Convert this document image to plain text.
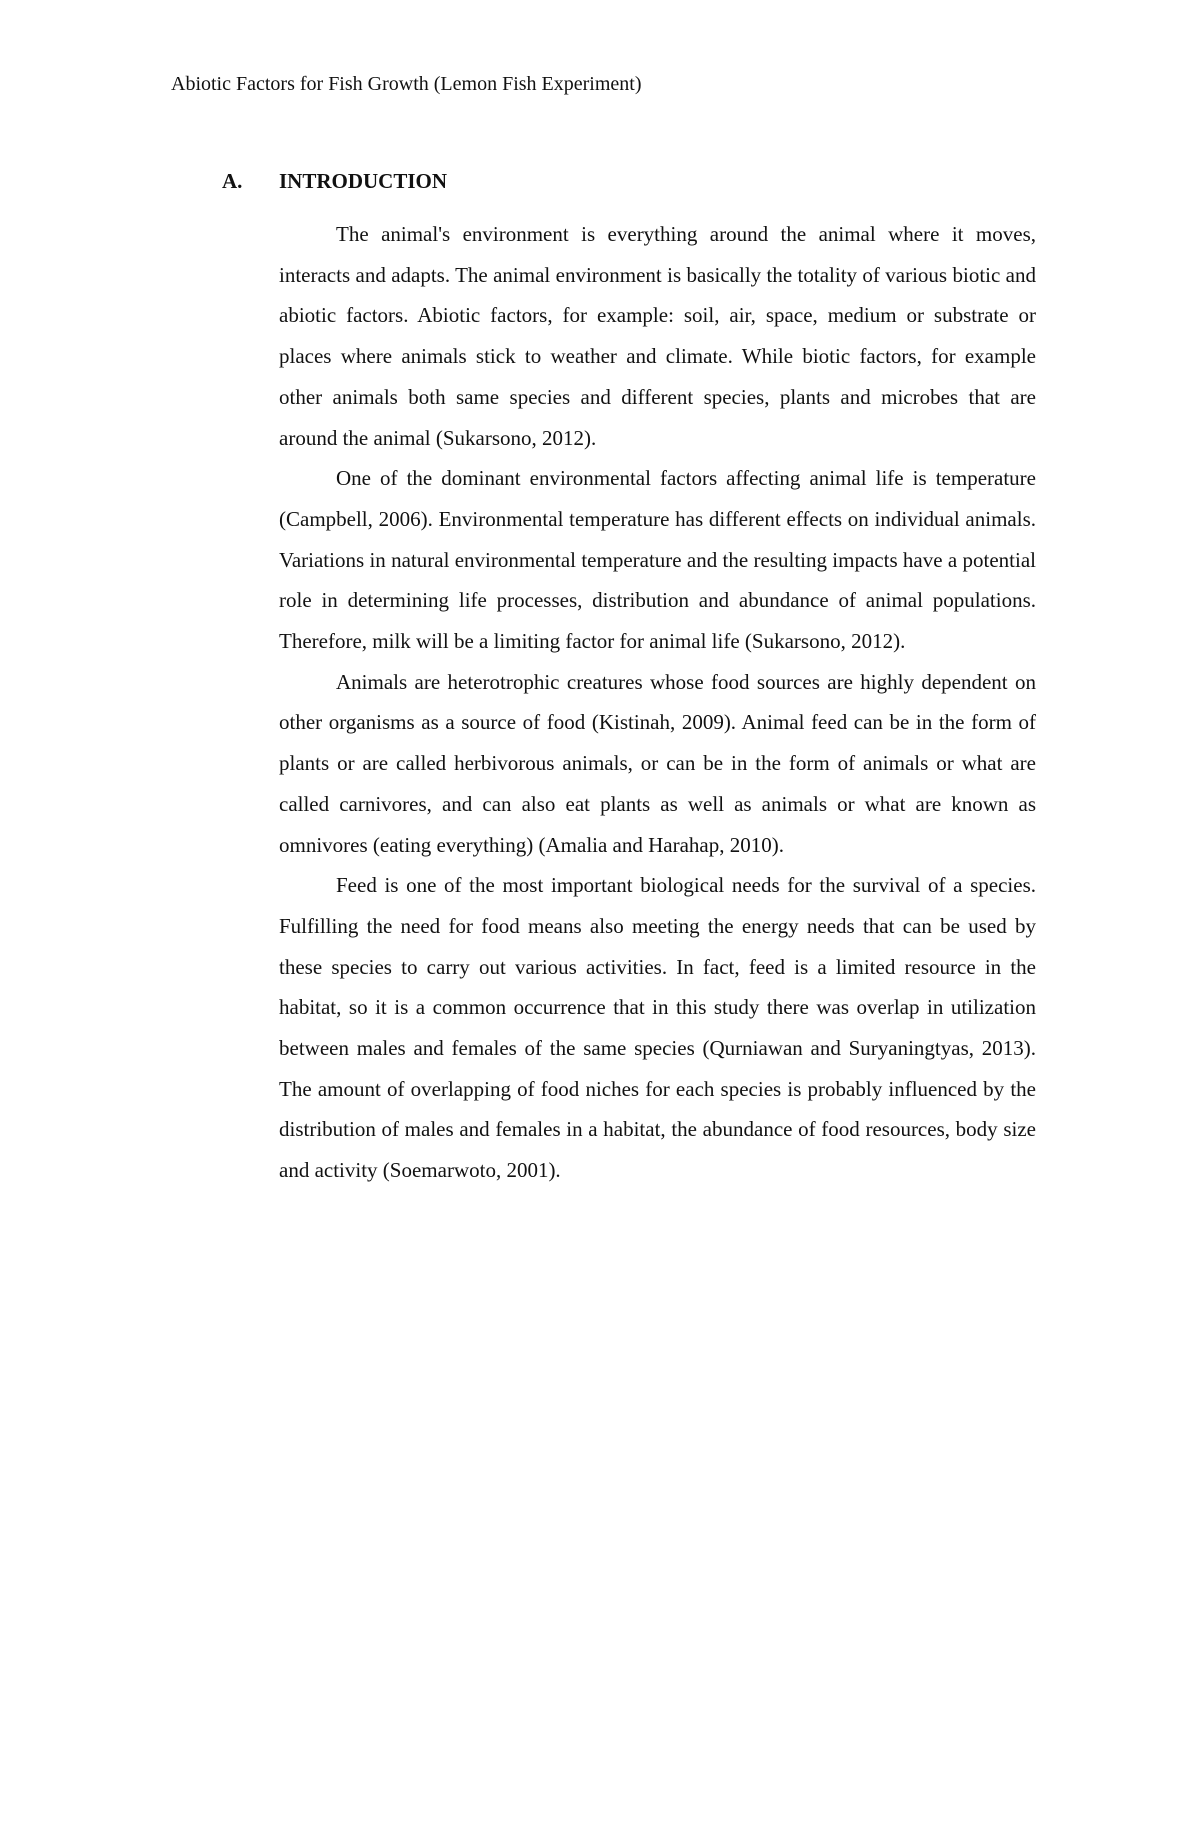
Abiotic Factors for Fish Growth (Lemon Fish Experiment)
A. INTRODUCTION

The animal's environment is everything around the animal where it moves, interacts and adapts. The animal environment is basically the totality of various biotic and abiotic factors. Abiotic factors, for example: soil, air, space, medium or substrate or places where animals stick to weather and climate. While biotic factors, for example other animals both same species and different species, plants and microbes that are around the animal (Sukarsono, 2012).

One of the dominant environmental factors affecting animal life is temperature (Campbell, 2006). Environmental temperature has different effects on individual animals. Variations in natural environmental temperature and the resulting impacts have a potential role in determining life processes, distribution and abundance of animal populations. Therefore, milk will be a limiting factor for animal life (Sukarsono, 2012).

Animals are heterotrophic creatures whose food sources are highly dependent on other organisms as a source of food (Kistinah, 2009). Animal feed can be in the form of plants or are called herbivorous animals, or can be in the form of animals or what are called carnivores, and can also eat plants as well as animals or what are known as omnivores (eating everything) (Amalia and Harahap, 2010).

Feed is one of the most important biological needs for the survival of a species. Fulfilling the need for food means also meeting the energy needs that can be used by these species to carry out various activities. In fact, feed is a limited resource in the habitat, so it is a common occurrence that in this study there was overlap in utilization between males and females of the same species (Qurniawan and Suryaningtyas, 2013). The amount of overlapping of food niches for each species is probably influenced by the distribution of males and females in a habitat, the abundance of food resources, body size and activity (Soemarwoto, 2001).
